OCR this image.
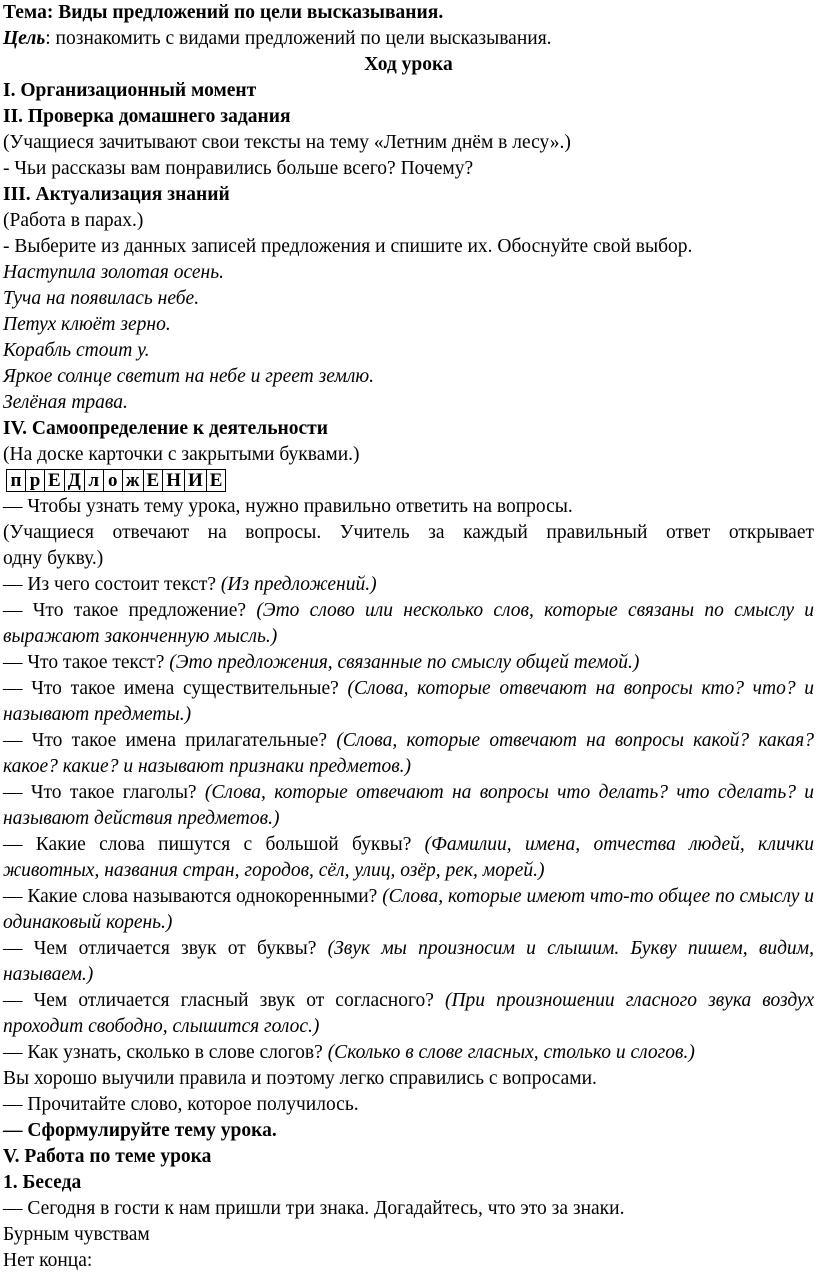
Тема: Виды предложений по цели высказывания.
Цель: познакомить с видами предложений по цели высказывания.
Ход урока
I. Организационный момент
II. Проверка домашнего задания
(Учащиеся зачитывают свои тексты на тему «Летним днём в лесу».)
- Чьи рассказы вам понравились больше всего? Почему?
III. Актуализация знаний
(Работа в парах.)
- Выберите из данных записей предложения и спишите их. Обоснуйте свой выбор.
Наступила золотая осень.
Туча на появилась небе.
Петух клюёт зерно.
Корабль стоит у.
Яркое солнце светит на небе и греет землю.
Зелёная трава.
IV. Самоопределение к деятельности
(На доске карточки с закрытыми буквами.)
п р Е Д л о ж Е Н И Е
— Чтобы узнать тему урока, нужно правильно ответить на вопросы.
(Учащиеся отвечают на вопросы. Учитель за каждый правильный ответ открывает
одну букву.)
— Из чего состоит текст? (Из предложений.)
— Что такое предложение? (Это слово или несколько слов, которые связаны по смыслу и выражают законченную мысль.)
— Что такое текст? (Это предложения, связанные по смыслу общей темой.)
— Что такое имена существительные? (Слова, которые отвечают на вопросы кто? что? и называют предметы.)
— Что такое имена прилагательные? (Слова, которые отвечают на вопросы какой? какая? какое? какие? и называют признаки предметов.)
— Что такое глаголы? (Слова, которые отвечают на вопросы что делать? что сделать? и называют действия предметов.)
— Какие слова пишутся с большой буквы? (Фамилии, имена, отчества людей, клички животных, названия стран, городов, сёл, улиц, озёр, рек, морей.)
— Какие слова называются однокоренными? (Слова, которые имеют что-то общее по смыслу и одинаковый корень.)
— Чем отличается звук от буквы? (Звук мы произносим и слышим. Букву пишем, видим, называем.)
— Чем отличается гласный звук от согласного? (При произношении гласного звука воздух проходит свободно, слышится голос.)
— Как узнать, сколько в слове слогов? (Сколько в слове гласных, столько и слогов.)
Вы хорошо выучили правила и поэтому легко справились с вопросами.
— Прочитайте слово, которое получилось.
— Сформулируйте тему урока.
V. Работа по теме урока
1. Беседа
— Сегодня в гости к нам пришли три знака. Догадайтесь, что это за знаки.
Бурным чувствам
Нет конца:
